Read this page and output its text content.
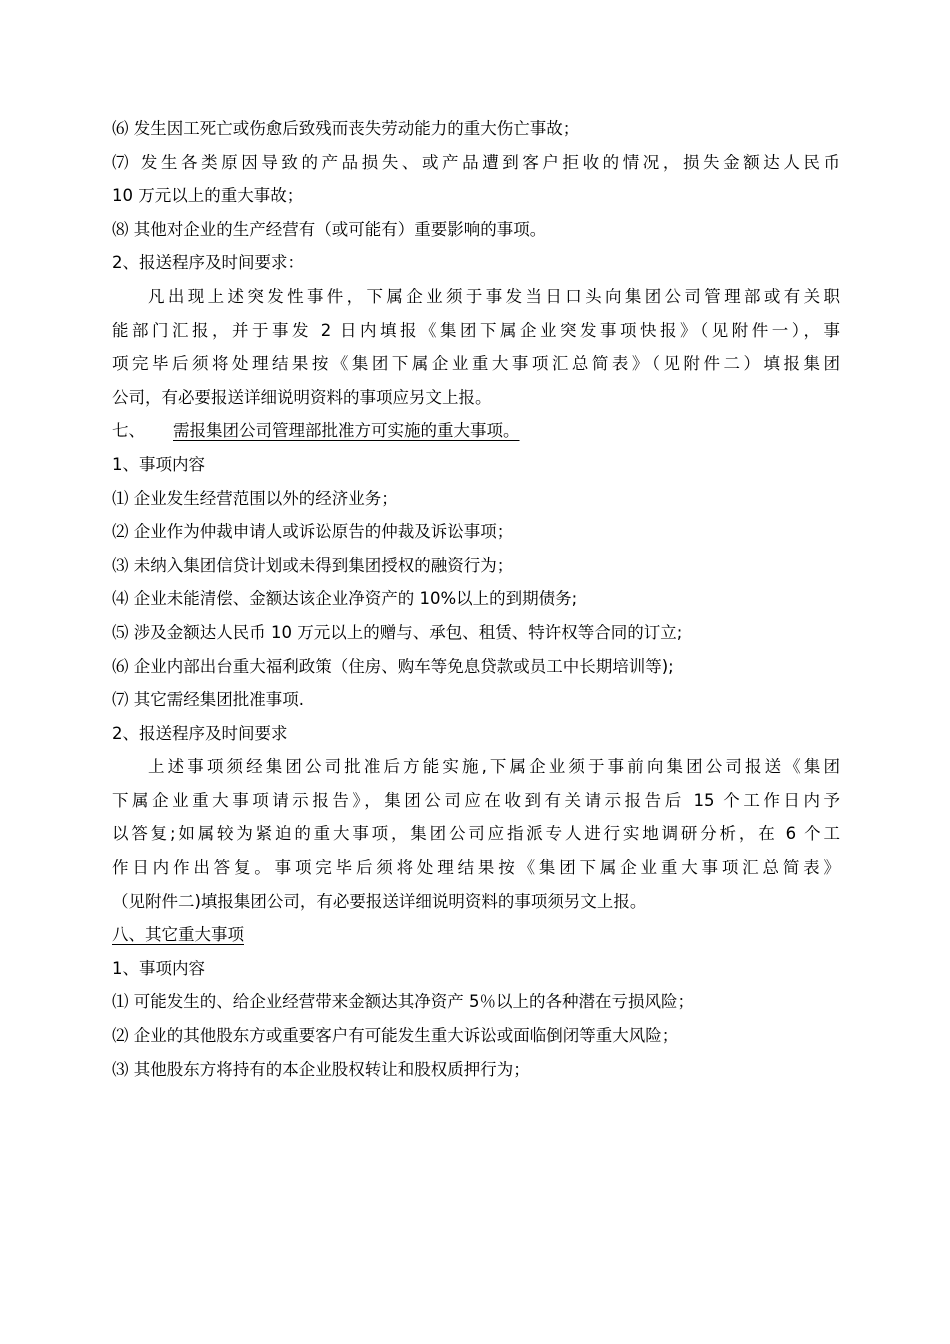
⑹ 发生因工死亡或伤愈后致残而丧失劳动能力的重大伤亡事故；
⑺ 发生各类原因导致的产品损失、或产品遭到客户拒收的情况，损失金额达人民币
10 万元以上的重大事故；
⑻ 其他对企业的生产经营有（或可能有）重要影响的事项。
2、报送程序及时间要求：
凡出现上述突发性事件，下属企业须于事发当日口头向集团公司管理部或有关职
能部门汇报，并于事发 2 日内填报《集团下属企业突发事项快报》（见附件一），事
项完毕后须将处理结果按《集团下属企业重大事项汇总简表》（见附件二）填报集团
公司，有必要报送详细说明资料的事项应另文上报。
七、 需报集团公司管理部批准方可实施的重大事项。
1、事项内容
⑴ 企业发生经营范围以外的经济业务；
⑵ 企业作为仲裁申请人或诉讼原告的仲裁及诉讼事项；
⑶ 未纳入集团信贷计划或未得到集团授权的融资行为；
⑷ 企业未能清偿、金额达该企业净资产的 10%以上的到期债务;
⑸ 涉及金额达人民币 10 万元以上的赠与、承包、租赁、特许权等合同的订立;
⑹ 企业内部出台重大福利政策（住房、购车等免息贷款或员工中长期培训等);
⑺ 其它需经集团批准事项.
2、报送程序及时间要求
上述事项须经集团公司批准后方能实施,下属企业须于事前向集团公司报送《集团
下属企业重大事项请示报告》，集团公司应在收到有关请示报告后 15 个工作日内予
以答复;如属较为紧迫的重大事项，集团公司应指派专人进行实地调研分析，在 6 个工
作日内作出答复。事项完毕后须将处理结果按《集团下属企业重大事项汇总简表》
（见附件二)填报集团公司，有必要报送详细说明资料的事项须另文上报。
八、其它重大事项
1、事项内容
⑴ 可能发生的、给企业经营带来金额达其净资产 5％以上的各种潜在亏损风险；
⑵ 企业的其他股东方或重要客户有可能发生重大诉讼或面临倒闭等重大风险；
⑶ 其他股东方将持有的本企业股权转让和股权质押行为；
